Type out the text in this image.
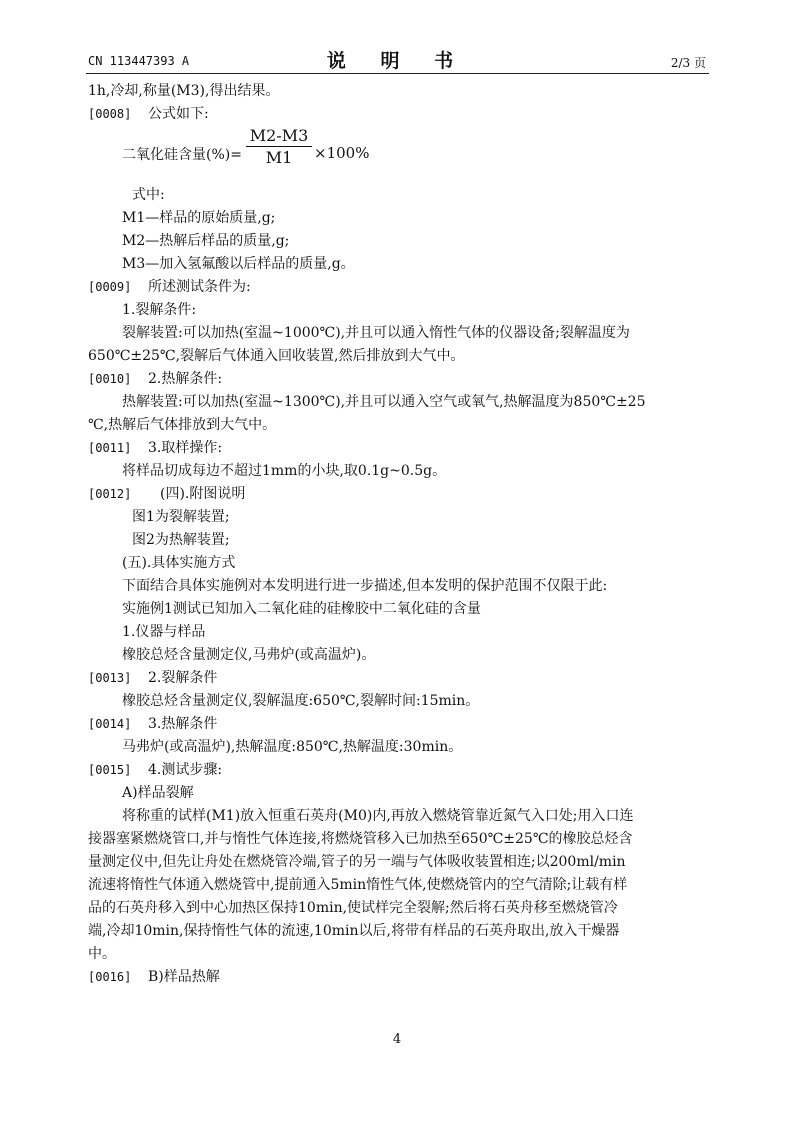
CN 113447393 A	说 明 书	2/3 页
1h,冷却,称量(M3),得出结果。
[0008] 公式如下:
二氧化硅含量(%)= $\frac{M2-M3}{M1} \times 100\%$
式中:
M1—样品的原始质量,g;
M2—热解后样品的质量,g;
M3—加入氢氟酸以后样品的质量,g。
[0009] 所述测试条件为:
1.裂解条件:
裂解装置:可以加热(室温~1000℃),并且可以通入惰性气体的仪器设备;裂解温度为
650℃±25℃,裂解后气体通入回收装置,然后排放到大气中。
[0010] 2.热解条件:
热解装置:可以加热(室温~1300℃),并且可以通入空气或氧气,热解温度为850℃±25
℃,热解后气体排放到大气中。
[0011] 3.取样操作:
将样品切成每边不超过1mm的小块,取0.1g~0.5g。
[0012] (四).附图说明
图1为裂解装置;
图2为热解装置;
(五).具体实施方式
下面结合具体实施例对本发明进行进一步描述,但本发明的保护范围不仅限于此:
实施例1测试已知加入二氧化硅的硅橡胶中二氧化硅的含量
1.仪器与样品
橡胶总烃含量测定仪,马弗炉(或高温炉)。
[0013] 2.裂解条件
橡胶总烃含量测定仪,裂解温度:650℃,裂解时间:15min。
[0014] 3.热解条件
马弗炉(或高温炉),热解温度:850℃,热解温度:30min。
[0015] 4.测试步骤:
A)样品裂解
将称重的试样(M1)放入恒重石英舟(M0)内,再放入燃烧管靠近氮气入口处;用入口连
接器塞紧燃烧管口,并与惰性气体连接,将燃烧管移入已加热至650℃±25℃的橡胶总烃含
量测定仪中,但先让舟处在燃烧管冷端,管子的另一端与气体吸收装置相连;以200ml/min
流速将惰性气体通入燃烧管中,提前通入5min惰性气体,使燃烧管内的空气清除;让载有样
品的石英舟移入到中心加热区保持10min,使试样完全裂解;然后将石英舟移至燃烧管冷
端,冷却10min,保持惰性气体的流速,10min以后,将带有样品的石英舟取出,放入干燥器
中。
[0016] B)样品热解
4
